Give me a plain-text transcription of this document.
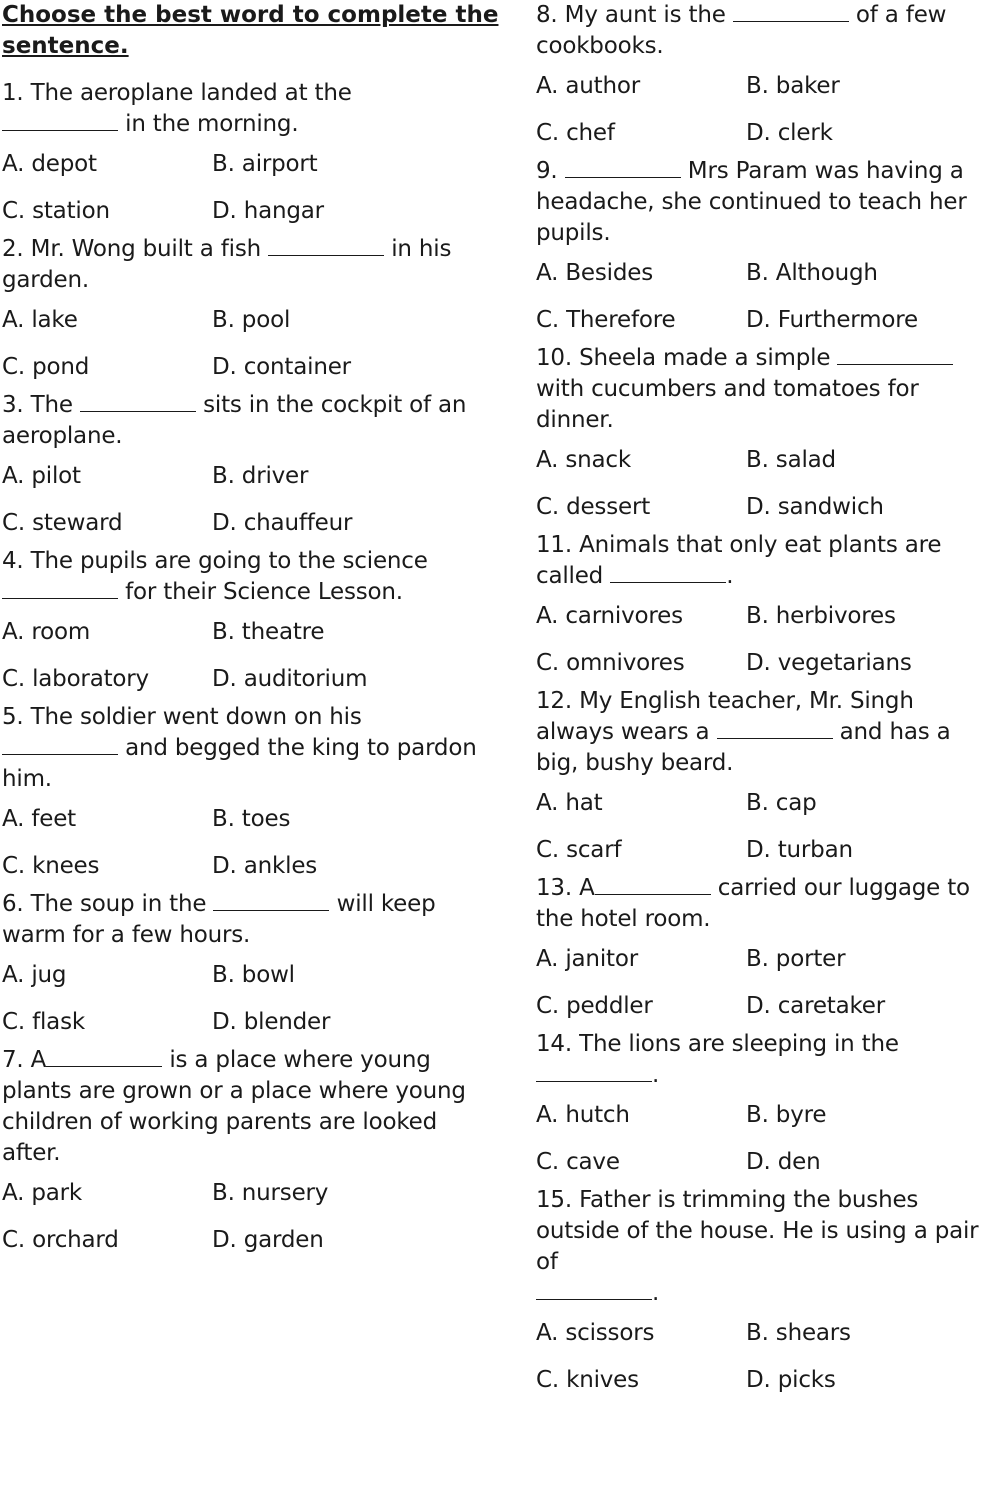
Choose the best word to complete the
sentence.

1. The aeroplane landed at the
in the morning.

A. depot	B. airport
C. station	D. hangar

2. Mr. Wong built a fish	in his garden.

A. lake	B. pool
C. pond	D. container

3. The	sits in the cockpit of an aeroplane.

A. pilot	B. driver
C. steward	D. chauffeur

4. The pupils are going to the science
for their Science Lesson.

A. room	B. theatre
C. laboratory	D. auditorium

5. The soldier went down on his
and begged the king to pardon him.

A. feet	B. toes
C. knees	D. ankles

6. The soup in the	will keep warm for a few hours.

A. jug	B. bowl
C. flask	D. blender

7. A	is a place where young plants are grown or a place where young children of working parents are looked after.

A. park	B. nursery
C. orchard	D. garden

8. My aunt is the	of a few cookbooks.

A. author	B. baker
C. chef	D. clerk

9.	Mrs Param was having a headache, she continued to teach her pupils.

A. Besides	B. Although
C. Therefore	D. Furthermore

10. Sheela made a simple  with cucumbers and tomatoes for dinner.

A. snack	B. salad
C. dessert	D. sandwich

11. Animals that only eat plants are called	.

A. carnivores	B. herbivores
C. omnivores	D. vegetarians

12. My English teacher, Mr. Singh always wears a	and has a big, bushy beard.

A. hat	B. cap
C. scarf	D. turban

13. A	carried our luggage to the hotel room.

A. janitor	B. porter
C. peddler	D. caretaker

14. The lions are sleeping in the
.

A. hutch	B. byre
C. cave	D. den

15. Father is trimming the bushes outside of the house. He is using a pair of
.

A. scissors	B. shears
C. knives	D. picks
